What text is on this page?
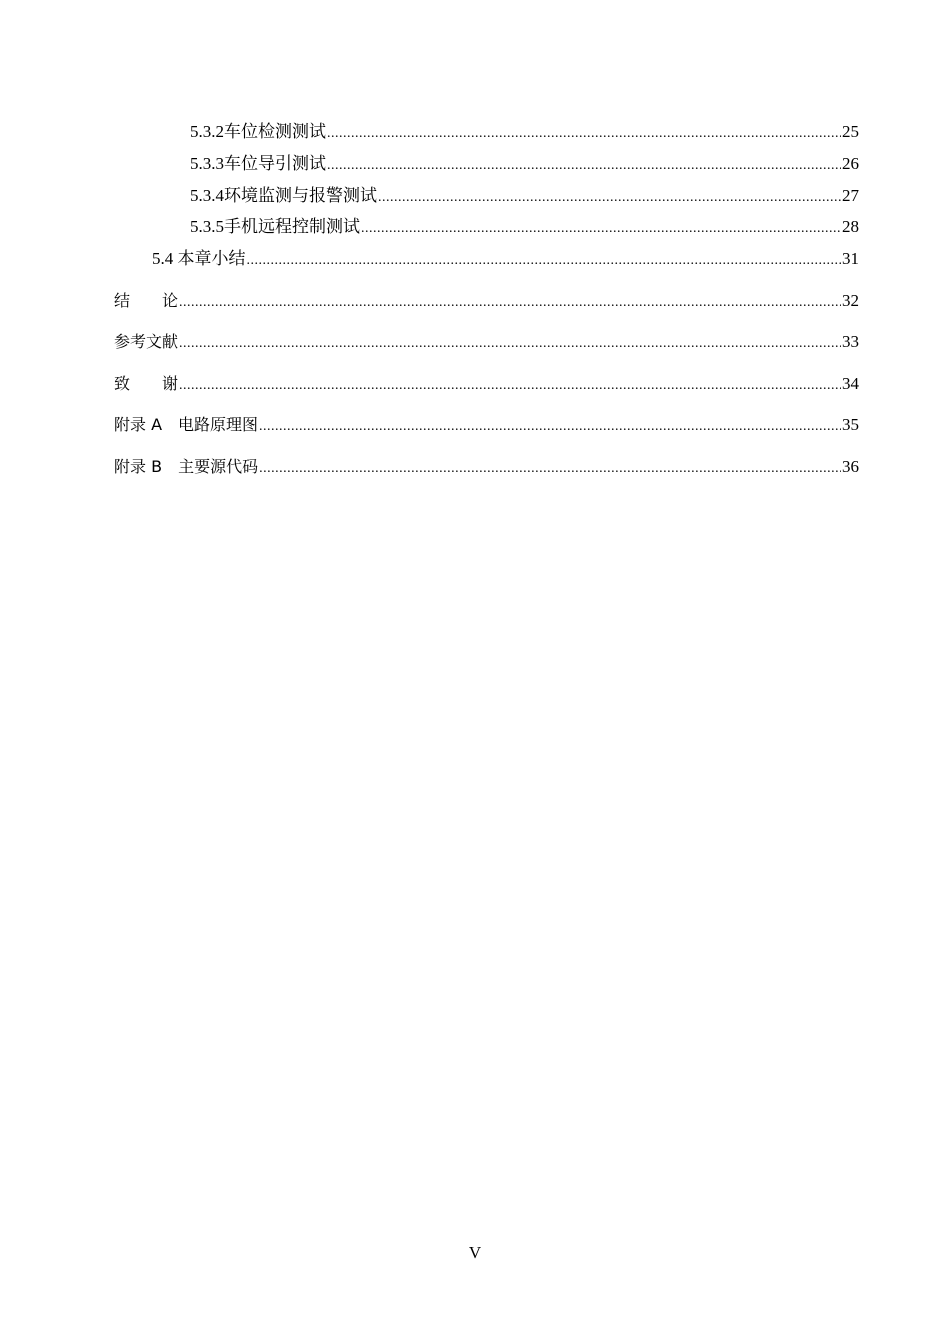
5.3.2 车位检测测试 .....	25
5.3.3 车位导引测试 .....	26
5.3.4 环境监测与报警测试 .....	27
5.3.5 手机远程控制测试 .....	28
5.4 本章小结 .....	31
结　　论 .....	32
参考文献 .....	33
致　　谢 .....	34
附录 A　电路原理图 .....	35
附录 B　主要源代码 .....	36
V
